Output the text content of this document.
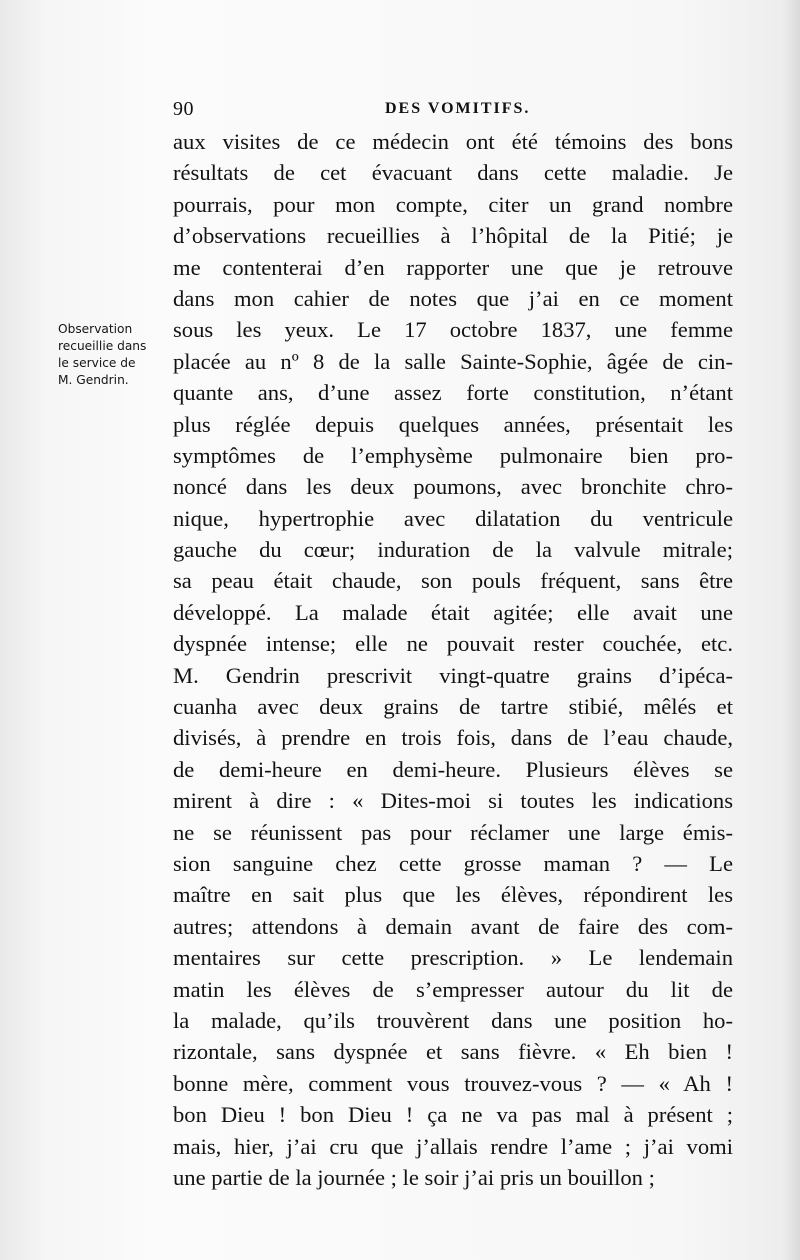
90	DES VOMITIFS.
Observation
recueillie dans
le service de
M. Gendrin.
aux visites de ce médecin ont été témoins des bons
résultats de cet évacuant dans cette maladie. Je
pourrais, pour mon compte, citer un grand nombre
d’observations recueillies à l’hôpital de la Pitié; je
me contenterai d’en rapporter une que je retrouve
dans mon cahier de notes que j’ai en ce moment
sous les yeux. Le 17 octobre 1837, une femme
placée au nº 8 de la salle Sainte-Sophie, âgée de cin-
quante ans, d’une assez forte constitution, n’étant
plus réglée depuis quelques années, présentait les
symptômes de l’emphysème pulmonaire bien pro-
noncé dans les deux poumons, avec bronchite chro-
nique, hypertrophie avec dilatation du ventricule
gauche du cœur; induration de la valvule mitrale;
sa peau était chaude, son pouls fréquent, sans être
développé. La malade était agitée; elle avait une
dyspnée intense; elle ne pouvait rester couchée, etc.
M. Gendrin prescrivit vingt-quatre grains d’ipéca-
cuanha avec deux grains de tartre stibié, mêlés et
divisés, à prendre en trois fois, dans de l’eau chaude,
de demi-heure en demi-heure. Plusieurs élèves se
mirent à dire : « Dites-moi si toutes les indications
ne se réunissent pas pour réclamer une large émis-
sion sanguine chez cette grosse maman ? — Le
maître en sait plus que les élèves, répondirent les
autres; attendons à demain avant de faire des com-
mentaires sur cette prescription. » Le lendemain
matin les élèves de s’empresser autour du lit de
la malade, qu’ils trouvèrent dans une position ho-
rizontale, sans dyspnée et sans fièvre. « Eh bien !
bonne mère, comment vous trouvez-vous ? — « Ah !
bon Dieu ! bon Dieu ! ça ne va pas mal à présent ;
mais, hier, j’ai cru que j’allais rendre l’ame ; j’ai vomi
une partie de la journée ; le soir j’ai pris un bouillon ;
